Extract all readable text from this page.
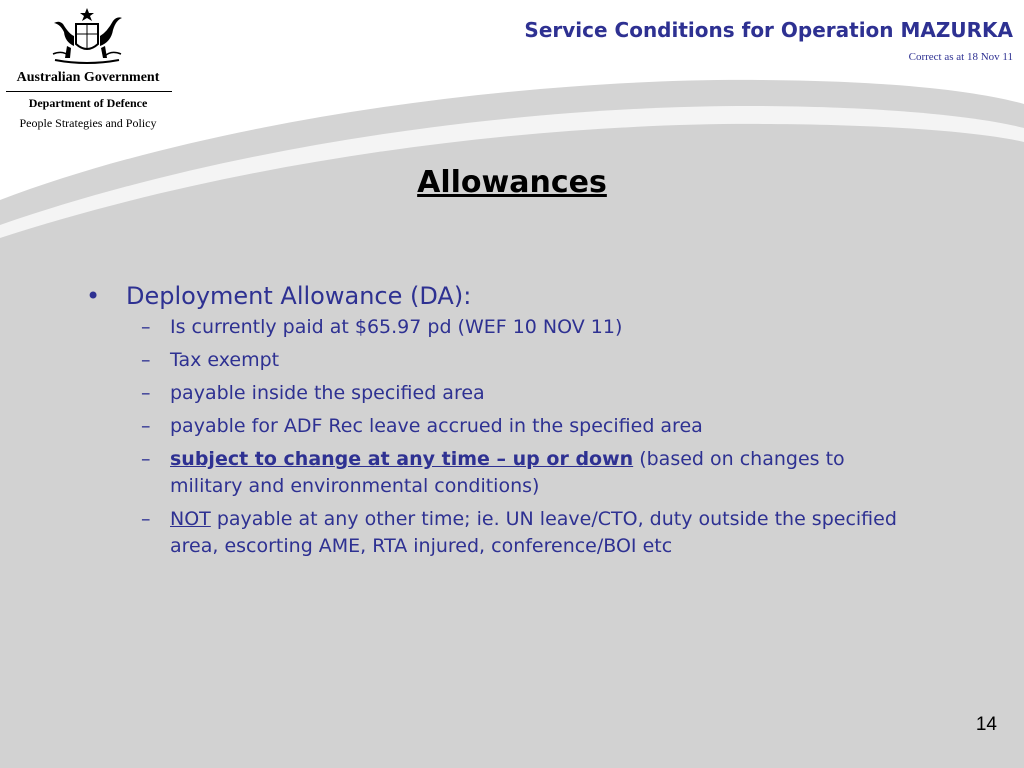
Australian Government
Department of Defence
People Strategies and Policy
Service Conditions for Operation MAZURKA
Correct as at 18 Nov 11
Allowances
•	Deployment Allowance (DA):
– Is currently paid at $65.97 pd (WEF 10 NOV 11)
– Tax exempt
– payable inside the specified area
– payable for ADF Rec leave accrued in the specified area
– subject to change at any time – up or down (based on changes to military and environmental conditions)
– NOT payable at any other time; ie. UN leave/CTO, duty outside the specified area, escorting AME, RTA injured, conference/BOI etc
14
